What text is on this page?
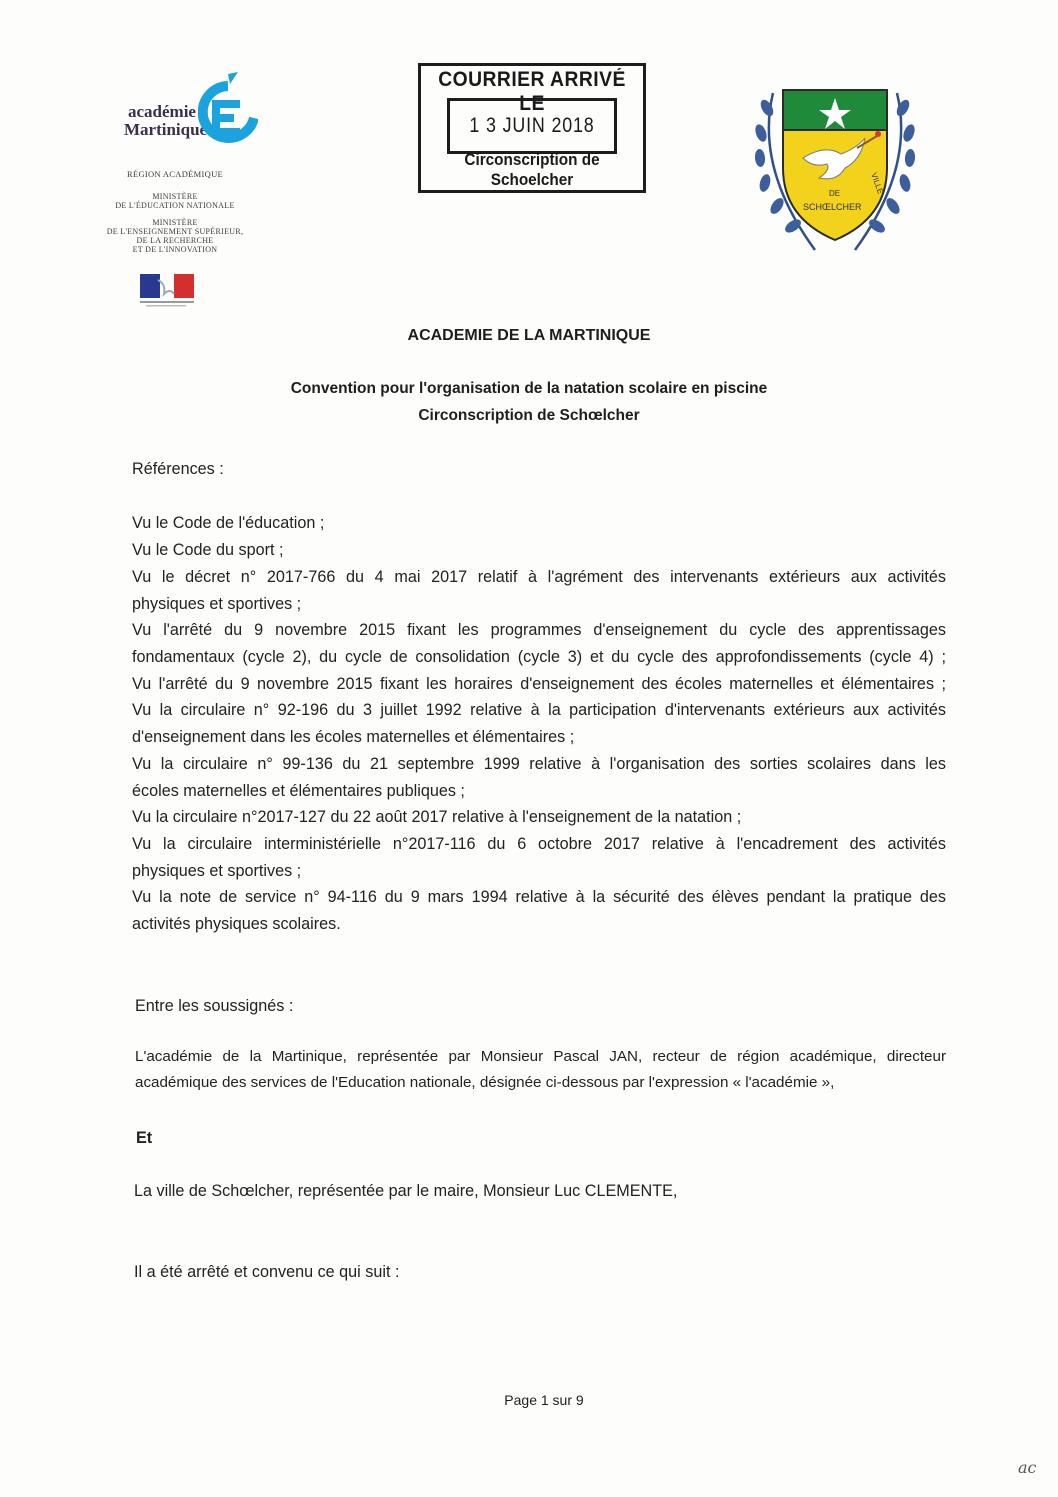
académie
Martinique
RÉGION ACADÉMIQUE
MINISTÈRE
DE L'ÉDUCATION NATIONALE
MINISTÈRE
DE L'ENSEIGNEMENT SUPÉRIEUR,
DE LA RECHERCHE
ET DE L'INNOVATION
COURRIER ARRIVÉ LE
1 3 JUIN 2018
Circonscription de Schoelcher	VILLE
DE
SCHŒLCHER
ACADEMIE DE LA MARTINIQUE
Convention pour l'organisation de la natation scolaire en piscine
Circonscription de Schœlcher
Références :
Vu le Code de l'éducation ;
Vu le Code du sport ;
Vu le décret n° 2017-766 du 4 mai 2017 relatif à l'agrément des intervenants extérieurs aux activités
physiques et sportives ;
Vu l'arrêté du 9 novembre 2015 fixant les programmes d'enseignement du cycle des apprentissages
fondamentaux (cycle 2), du cycle de consolidation (cycle 3) et du cycle des approfondissements (cycle 4) ;
Vu l'arrêté du 9 novembre 2015 fixant les horaires d'enseignement des écoles maternelles et élémentaires ;
Vu la circulaire n° 92-196 du 3 juillet 1992 relative à la participation d'intervenants extérieurs aux activités
d'enseignement dans les écoles maternelles et élémentaires ;
Vu la circulaire n° 99-136 du 21 septembre 1999 relative à l'organisation des sorties scolaires dans les
écoles maternelles et élémentaires publiques ;
Vu la circulaire n°2017-127 du 22 août 2017 relative à l'enseignement de la natation ;
Vu la circulaire interministérielle n°2017-116 du 6 octobre 2017 relative à l'encadrement des activités
physiques et sportives ;
Vu la note de service n° 94-116 du 9 mars 1994 relative à la sécurité des élèves pendant la pratique des
activités physiques scolaires.
Entre les soussignés :
L'académie de la Martinique, représentée par Monsieur Pascal JAN, recteur de région académique, directeur
académique des services de l'Education nationale, désignée ci-dessous par l'expression « l'académie »,
Et
La ville de Schœlcher, représentée par le maire, Monsieur Luc CLEMENTE,
Il a été arrêté et convenu ce qui suit :
Page 1 sur 9
ac
